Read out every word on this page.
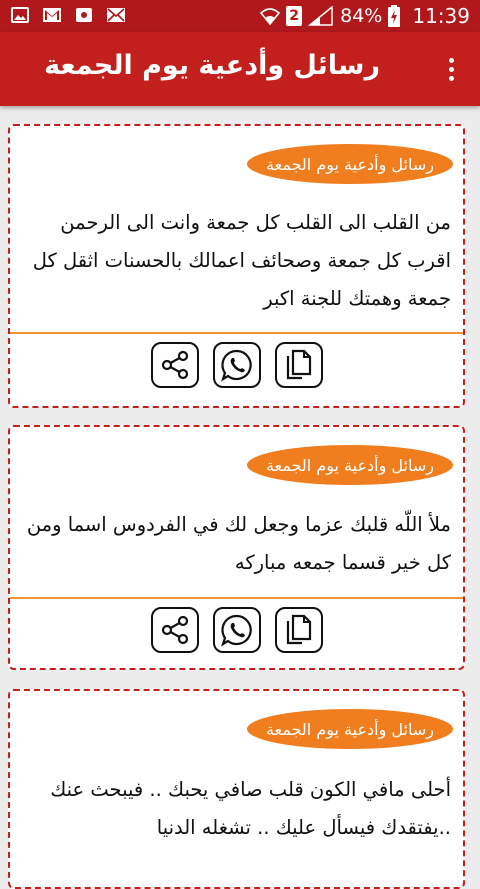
2 84% 11:39
رسائل وأدعية يوم الجمعة
رسائل وأدعية يوم الجمعة
من القلب الى القلب كل جمعة وانت الى الرحمن اقرب كل جمعة وصحائف اعمالك بالحسنات اثقل كل جمعة وهمتك للجنة اكبر
رسائل وأدعية يوم الجمعة
ملأ اللّه قلبك عزما وجعل لك في الفردوس اسما ومن كل خير قسما جمعه مباركه
رسائل وأدعية يوم الجمعة
أحلى مافي الكون قلب صافي يحبك .. فيبحث عنك ..يفتقدك فيسأل عليك .. تشغله الدنيا
